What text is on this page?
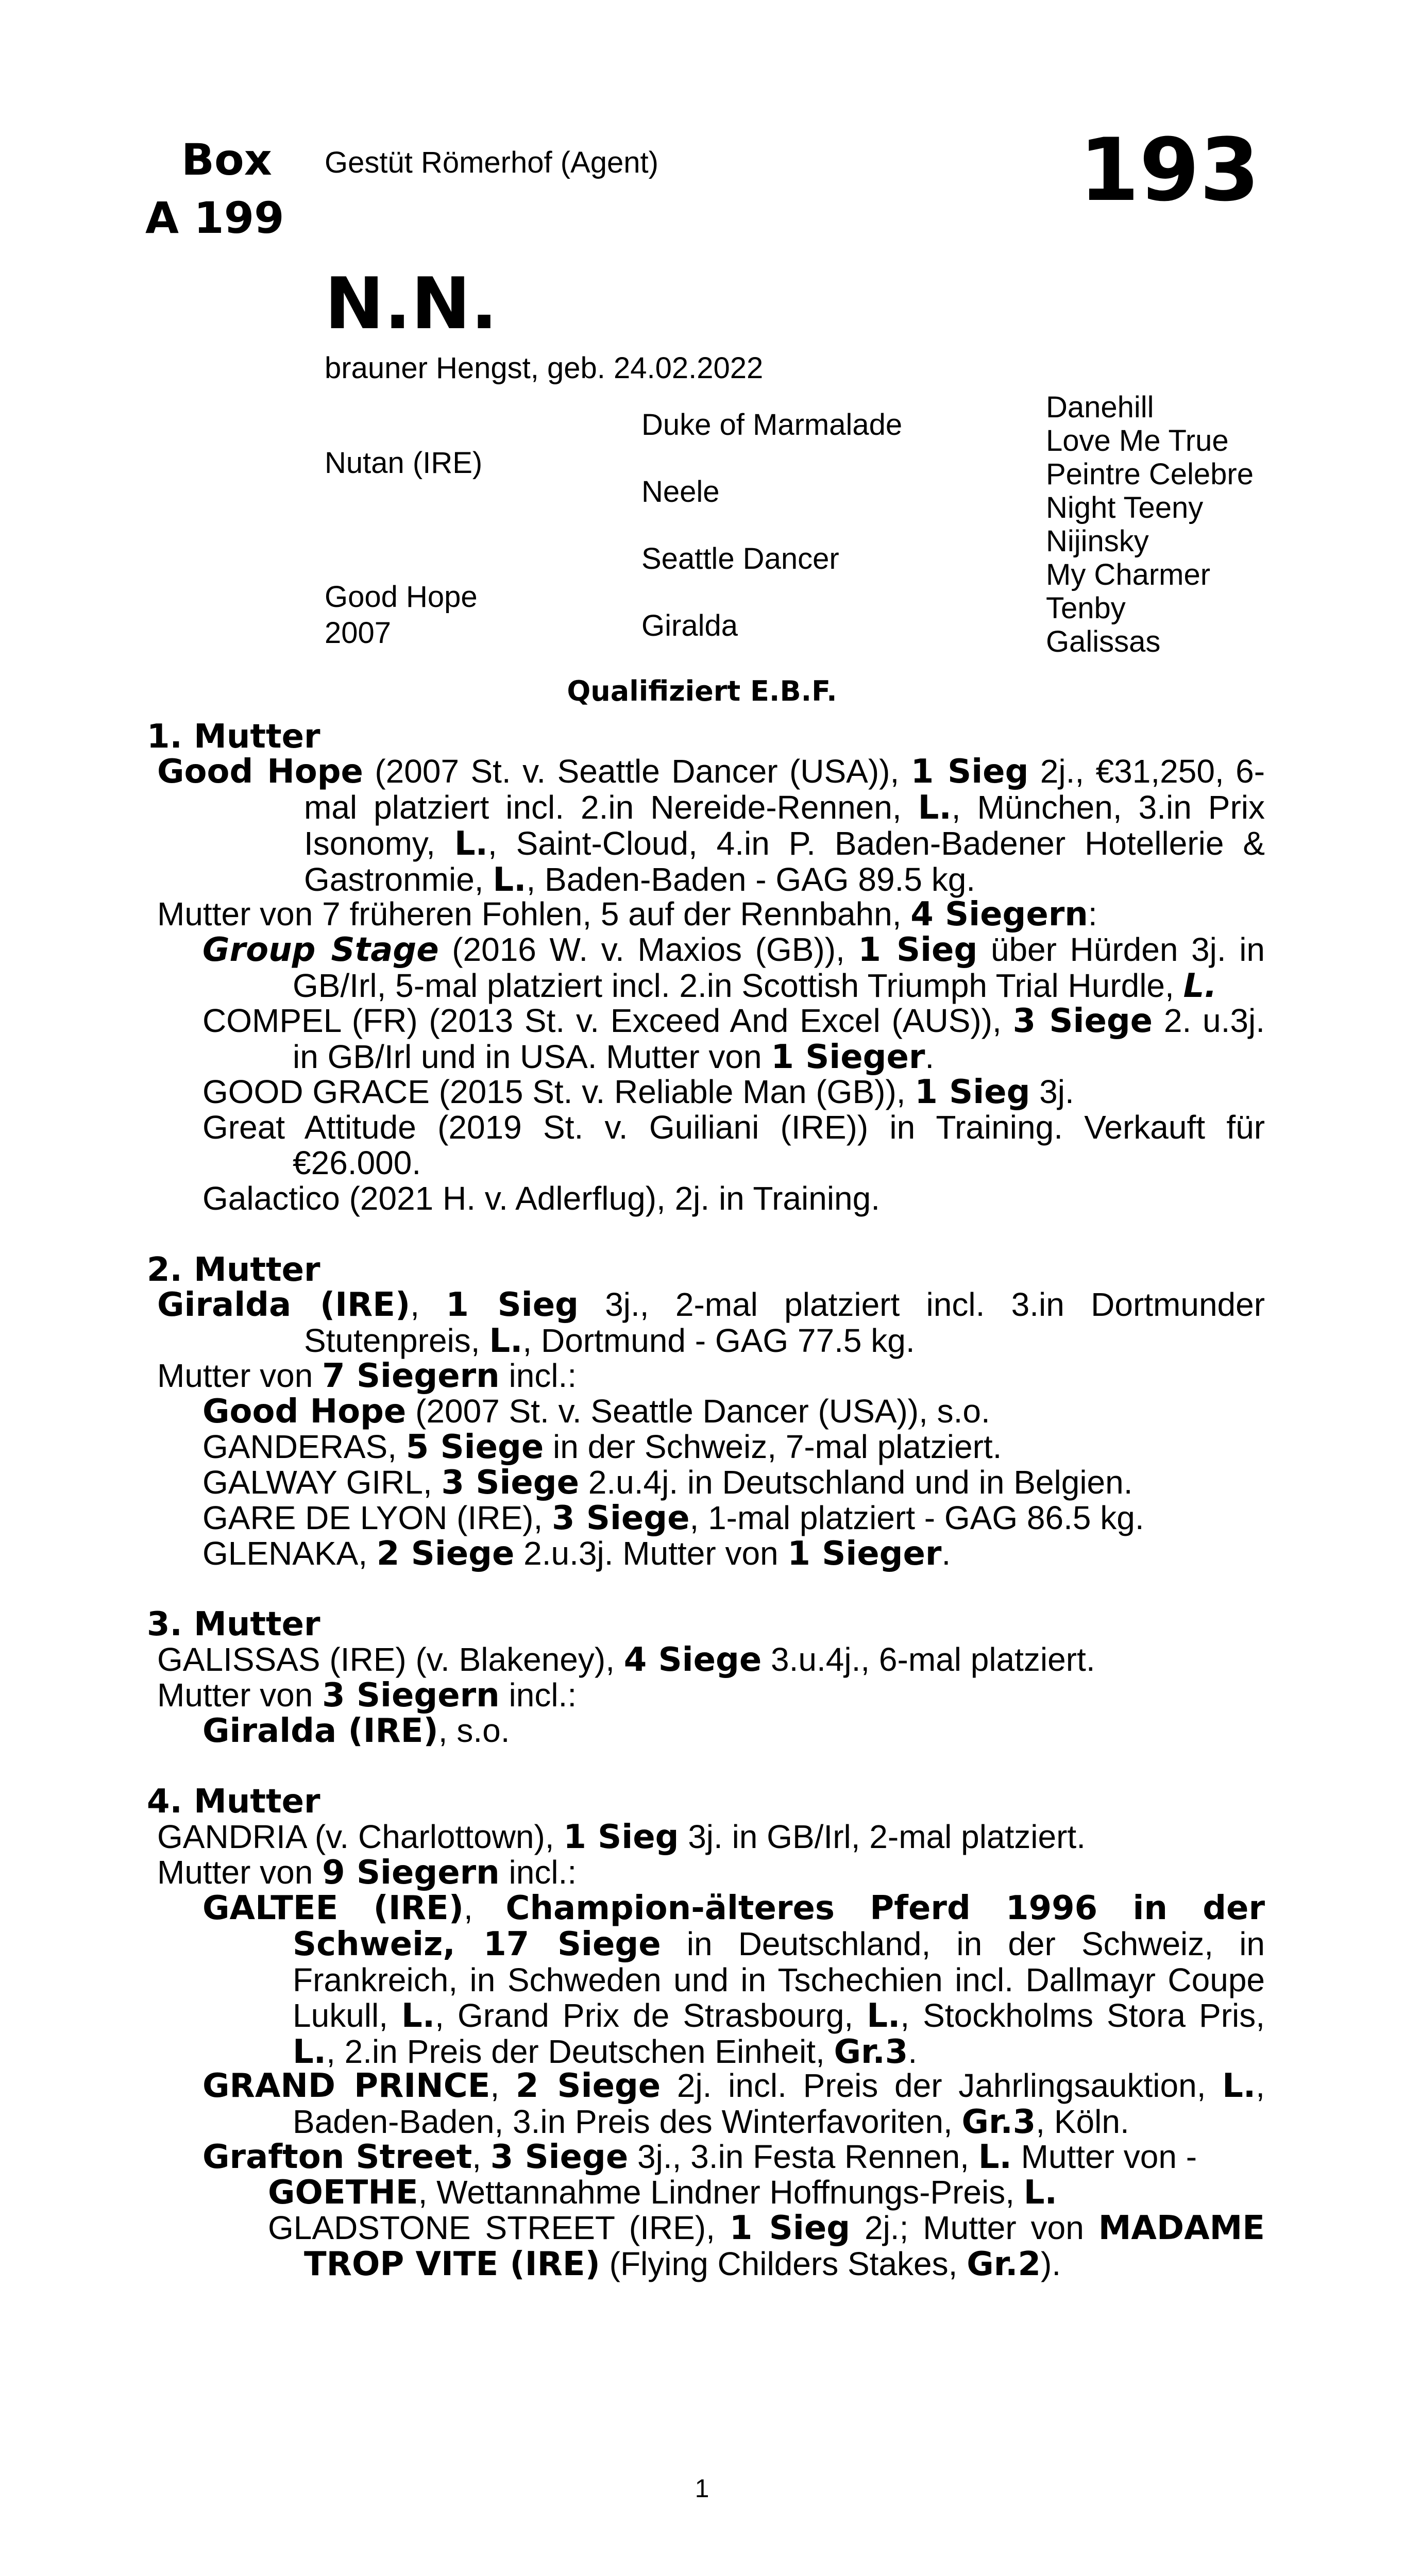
Box
A 199
Gestüt Römerhof (Agent)	193
N.N.
brauner Hengst, geb. 24.02.2022
Nutan (IRE)
Good Hope
2007
Duke of Marmalade
Neele
Seattle Dancer
Giralda
Danehill
Love Me True
Peintre Celebre
Night Teeny
Nijinsky
My Charmer
Tenby
Galissas
Qualifiziert E.B.F.
1. Mutter
Good Hope (2007 St. v. Seattle Dancer (USA)), 1 Sieg 2j., €31,250, 6-mal platziert incl. 2.in Nereide-Rennen, L., München, 3.in Prix Isonomy, L., Saint-Cloud, 4.in P. Baden-Badener Hotellerie & Gastronmie, L., Baden-Baden - GAG 89.5 kg.
Mutter von 7 früheren Fohlen, 5 auf der Rennbahn, 4 Siegern:
Group Stage (2016 W. v. Maxios (GB)), 1 Sieg über Hürden 3j. in GB/Irl, 5-mal platziert incl. 2.in Scottish Triumph Trial Hurdle, L.
COMPEL (FR) (2013 St. v. Exceed And Excel (AUS)), 3 Siege 2. u.3j. in GB/Irl und in USA. Mutter von 1 Sieger.
GOOD GRACE (2015 St. v. Reliable Man (GB)), 1 Sieg 3j.
Great Attitude (2019 St. v. Guiliani (IRE)) in Training. Verkauft für €26.000.
Galactico (2021 H. v. Adlerflug), 2j. in Training.
2. Mutter
Giralda (IRE), 1 Sieg 3j., 2-mal platziert incl. 3.in Dortmunder Stutenpreis, L., Dortmund - GAG 77.5 kg.
Mutter von 7 Siegern incl.:
Good Hope (2007 St. v. Seattle Dancer (USA)), s.o.
GANDERAS, 5 Siege in der Schweiz, 7-mal platziert.
GALWAY GIRL, 3 Siege 2.u.4j. in Deutschland und in Belgien.
GARE DE LYON (IRE), 3 Siege, 1-mal platziert - GAG 86.5 kg.
GLENAKA, 2 Siege 2.u.3j. Mutter von 1 Sieger.
3. Mutter
GALISSAS (IRE) (v. Blakeney), 4 Siege 3.u.4j., 6-mal platziert.
Mutter von 3 Siegern incl.:
Giralda (IRE), s.o.
4. Mutter
GANDRIA (v. Charlottown), 1 Sieg 3j. in GB/Irl, 2-mal platziert.
Mutter von 9 Siegern incl.:
GALTEE (IRE), Champion-älteres Pferd 1996 in der Schweiz, 17 Siege in Deutschland, in der Schweiz, in Frankreich, in Schweden und in Tschechien incl. Dallmayr Coupe Lukull, L., Grand Prix de Strasbourg, L., Stockholms Stora Pris, L., 2.in Preis der Deutschen Einheit, Gr.3.
GRAND PRINCE, 2 Siege 2j. incl. Preis der Jahrlingsauktion, L., Baden-Baden, 3.in Preis des Winterfavoriten, Gr.3, Köln.
Grafton Street, 3 Siege 3j., 3.in Festa Rennen, L. Mutter von -
GOETHE, Wettannahme Lindner Hoffnungs-Preis, L.
GLADSTONE STREET (IRE), 1 Sieg 2j.; Mutter von MADAME TROP VITE (IRE) (Flying Childers Stakes, Gr.2).
1
